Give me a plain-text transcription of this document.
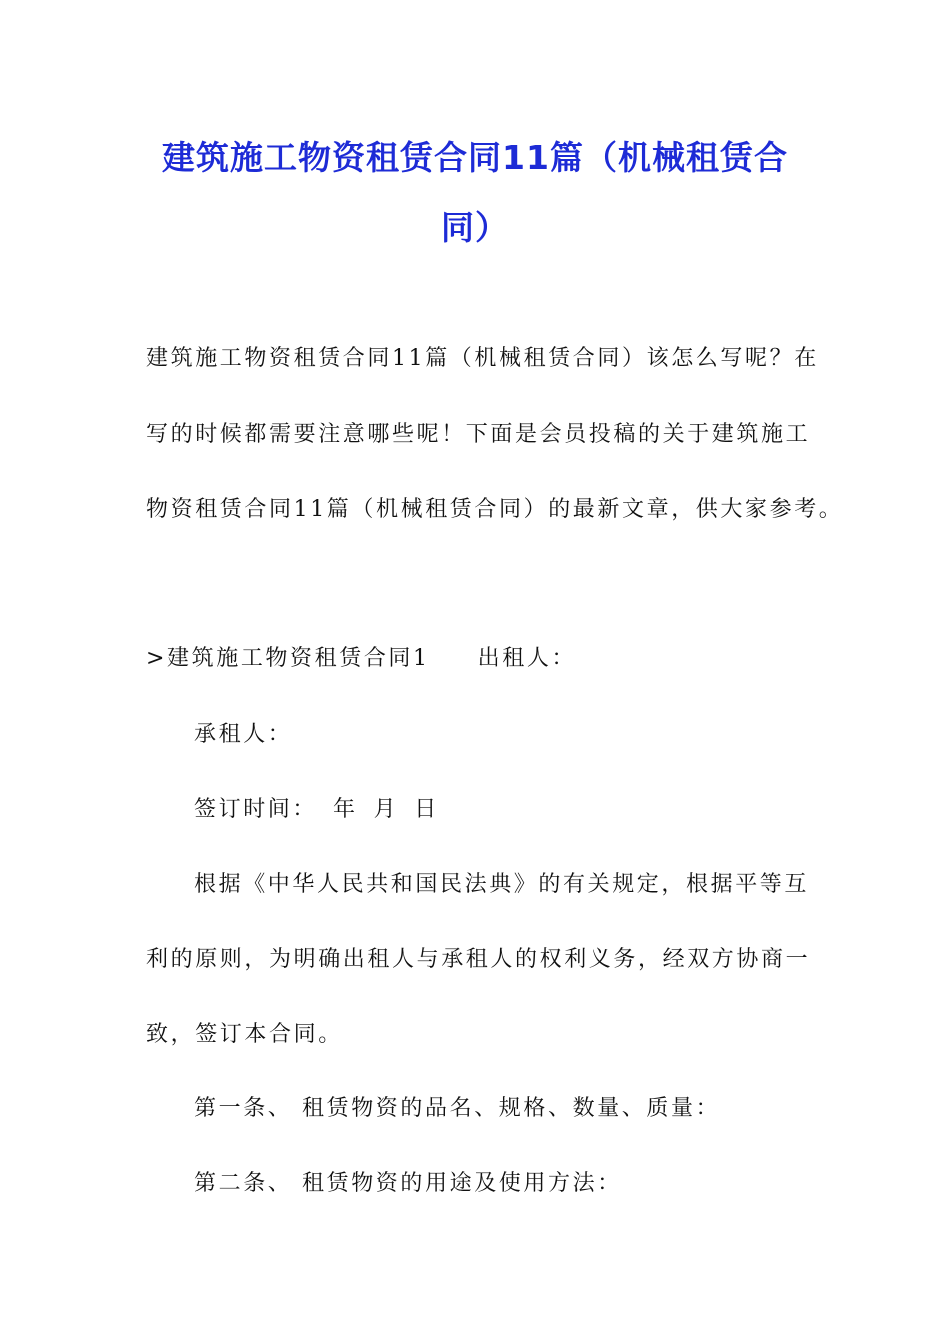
建筑施工物资租赁合同11篇（机械租赁合
同）
建筑施工物资租赁合同11篇（机械租赁合同）该怎么写呢？在
写的时候都需要注意哪些呢！下面是会员投稿的关于建筑施工
物资租赁合同11篇（机械租赁合同）的最新文章，供大家参考。
>建筑施工物资租赁合同1 出租人：
承租人：
签订时间： 年 月 日
根据《中华人民共和国民法典》的有关规定，根据平等互
利的原则，为明确出租人与承租人的权利义务，经双方协商一
致，签订本合同。
第一条、 租赁物资的品名、规格、数量、质量：
第二条、 租赁物资的用途及使用方法：
